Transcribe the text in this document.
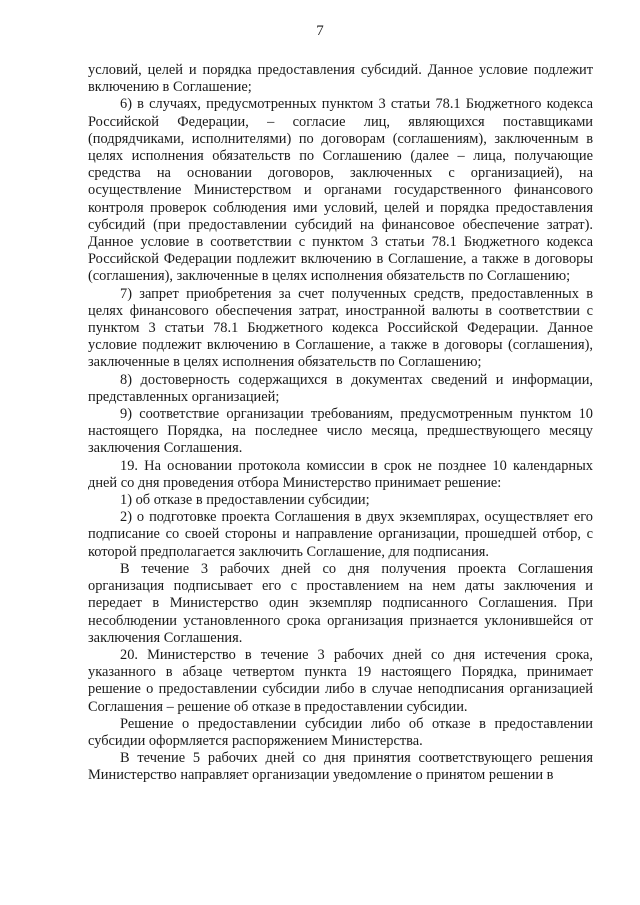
7

условий, целей и порядка предоставления субсидий. Данное условие подлежит включению в Соглашение;

6) в случаях, предусмотренных пунктом 3 статьи 78.1 Бюджетного кодекса Российской Федерации, – согласие лиц, являющихся поставщиками (подрядчиками, исполнителями) по договорам (соглашениям), заключенным в целях исполнения обязательств по Соглашению (далее – лица, получающие средства на основании договоров, заключенных с организацией), на осуществление Министерством и органами государственного финансового контроля проверок соблюдения ими условий, целей и порядка предоставления субсидий (при предоставлении субсидий на финансовое обеспечение затрат). Данное условие в соответствии с пунктом 3 статьи 78.1 Бюджетного кодекса Российской Федерации подлежит включению в Соглашение, а также в договоры (соглашения), заключенные в целях исполнения обязательств по Соглашению;

7) запрет приобретения за счет полученных средств, предоставленных в целях финансового обеспечения затрат, иностранной валюты в соответствии с пунктом 3 статьи 78.1 Бюджетного кодекса Российской Федерации. Данное условие подлежит включению в Соглашение, а также в договоры (соглашения), заключенные в целях исполнения обязательств по Соглашению;

8) достоверность содержащихся в документах сведений и информации, представленных организацией;

9) соответствие организации требованиям, предусмотренным пунктом 10 настоящего Порядка, на последнее число месяца, предшествующего месяцу заключения Соглашения.

19. На основании протокола комиссии в срок не позднее 10 календарных дней со дня проведения отбора Министерство принимает решение:

1) об отказе в предоставлении субсидии;

2) о подготовке проекта Соглашения в двух экземплярах, осуществляет его подписание со своей стороны и направление организации, прошедшей отбор, с которой предполагается заключить Соглашение, для подписания.

В течение 3 рабочих дней со дня получения проекта Соглашения организация подписывает его с проставлением на нем даты заключения и передает в Министерство один экземпляр подписанного Соглашения. При несоблюдении установленного срока организация признается уклонившейся от заключения Соглашения.

20. Министерство в течение 3 рабочих дней со дня истечения срока, указанного в абзаце четвертом пункта 19 настоящего Порядка, принимает решение о предоставлении субсидии либо в случае неподписания организацией Соглашения – решение об отказе в предоставлении субсидии.

Решение о предоставлении субсидии либо об отказе в предоставлении субсидии оформляется распоряжением Министерства.

В течение 5 рабочих дней со дня принятия соответствующего решения Министерство направляет организации уведомление о принятом решении в
